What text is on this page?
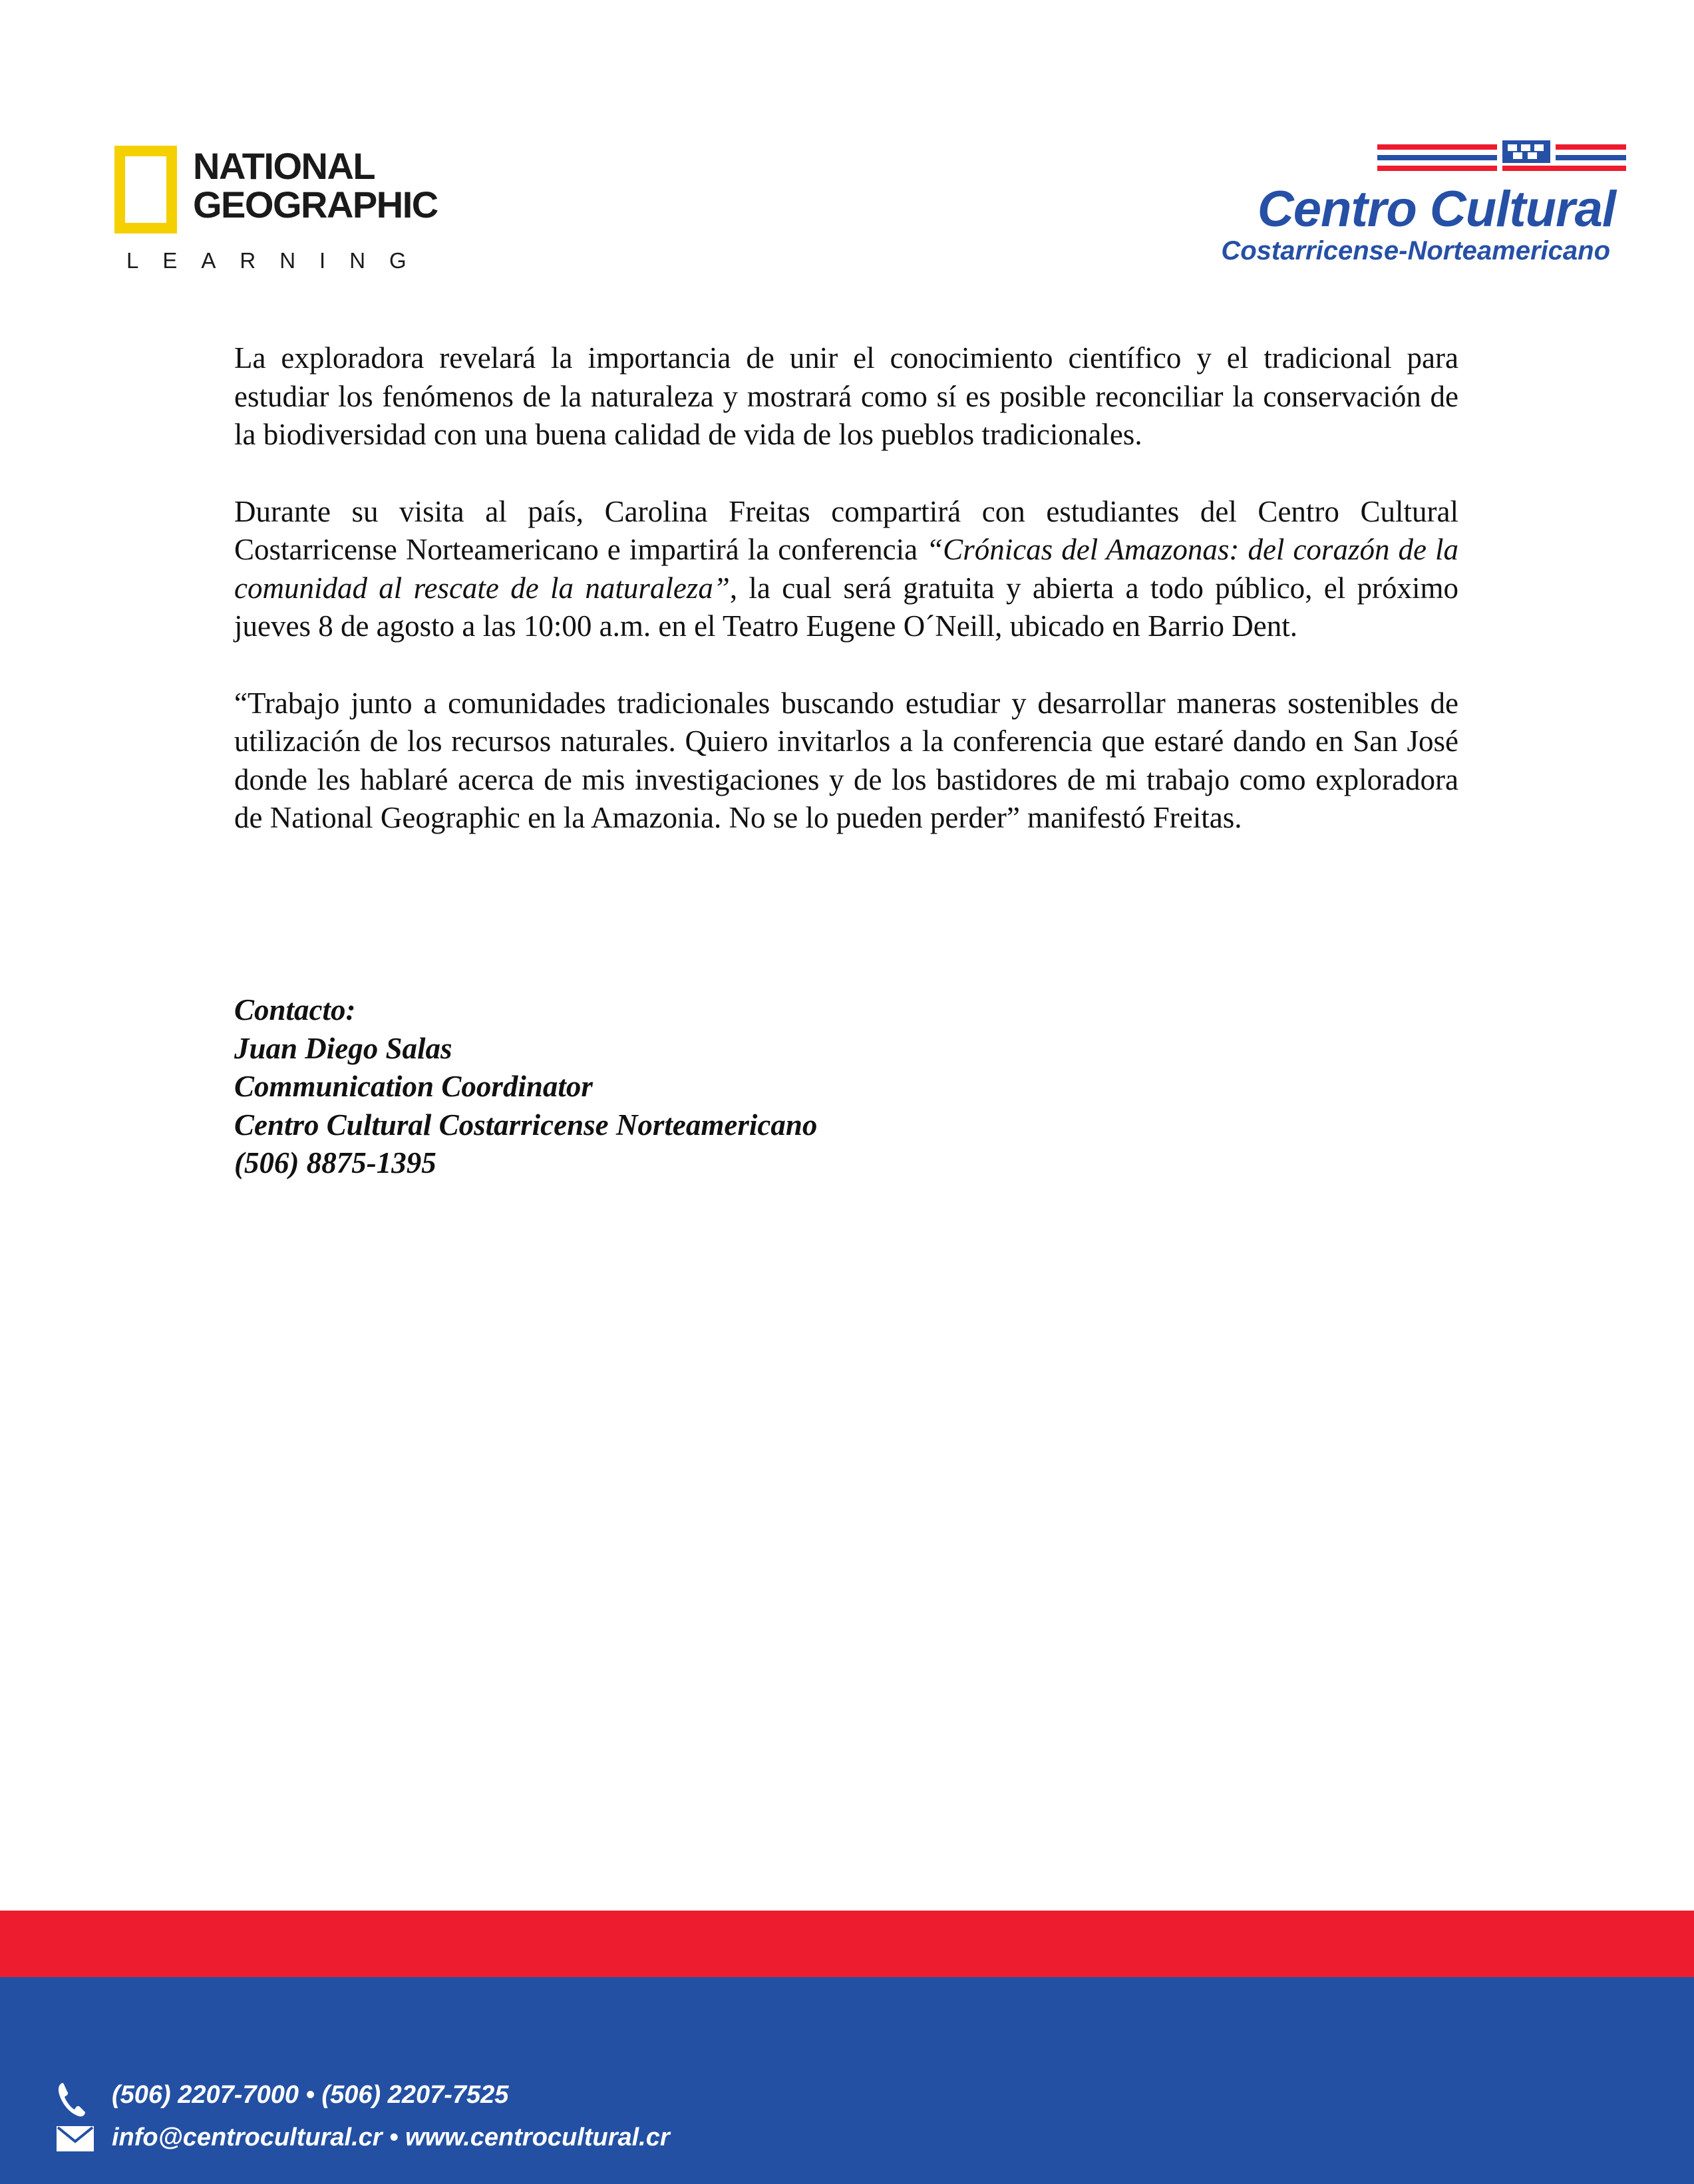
NATIONAL
GEOGRAPHIC
LEARNING
Centro Cultural
Costarricense-Norteamericano

La exploradora revelará la importancia de unir el conocimiento científico y el tradicional para estudiar los fenómenos de la naturaleza y mostrará como sí es posible reconciliar la conservación de la biodiversidad con una buena calidad de vida de los pueblos tradicionales.

Durante su visita al país, Carolina Freitas compartirá con estudiantes del Centro Cultural Costarricense Norteamericano e impartirá la conferencia “Crónicas del Amazonas: del corazón de la comunidad al rescate de la naturaleza”, la cual será gratuita y abierta a todo público, el próximo jueves 8 de agosto a las 10:00 a.m. en el Teatro Eugene O´Neill, ubicado en Barrio Dent.

“Trabajo junto a comunidades tradicionales buscando estudiar y desarrollar maneras sostenibles de utilización de los recursos naturales. Quiero invitarlos a la conferencia que estaré dando en San José donde les hablaré acerca de mis investigaciones y de los bastidores de mi trabajo como exploradora de National Geographic en la Amazonia. No se lo pueden perder” manifestó Freitas.

Contacto:
Juan Diego Salas
Communication Coordinator
Centro Cultural Costarricense Norteamericano
(506) 8875-1395
(506) 2207-7000 • (506) 2207-7525
info@centrocultural.cr • www.centrocultural.cr
